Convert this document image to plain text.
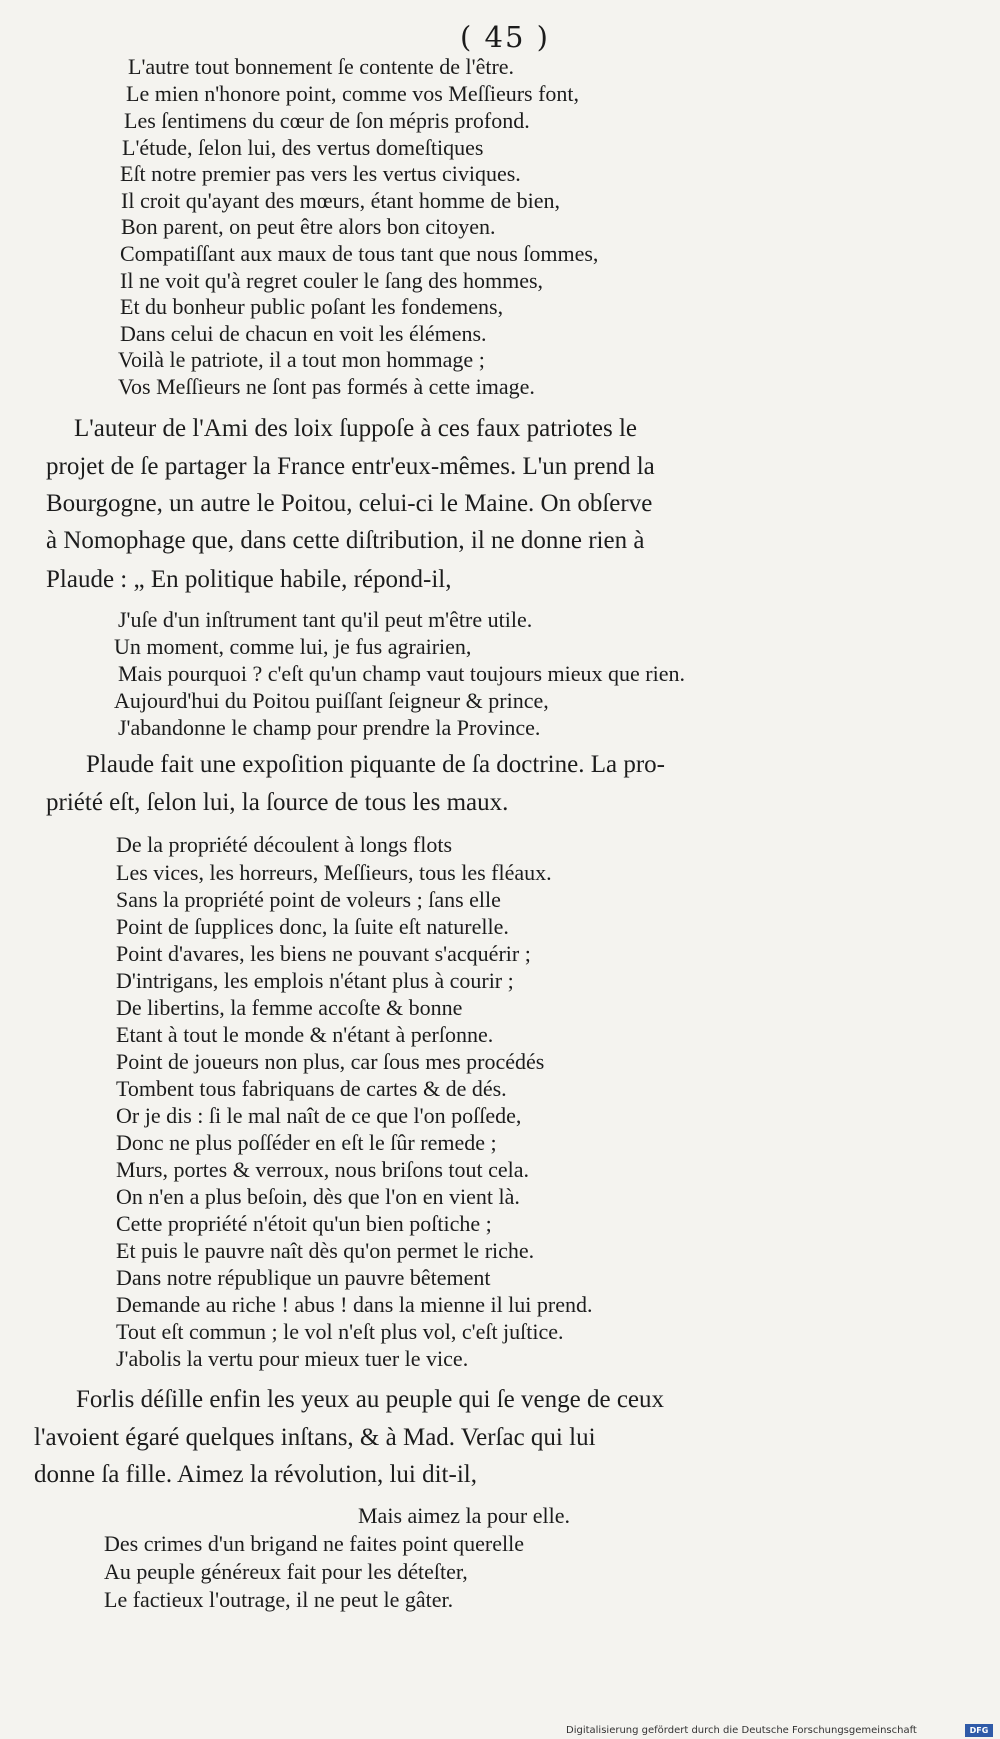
( 45 )
L'autre tout bonnement ſe contente de l'être.
Le mien n'honore point, comme vos Meſſieurs font,
Les ſentimens du cœur de ſon mépris profond.
L'étude, ſelon lui, des vertus domeſtiques
Eſt notre premier pas vers les vertus civiques.
Il croit qu'ayant des mœurs, étant homme de bien,
Bon parent, on peut être alors bon citoyen.
Compatiſſant aux maux de tous tant que nous ſommes,
Il ne voit qu'à regret couler le ſang des hommes,
Et du bonheur public poſant les fondemens,
Dans celui de chacun en voit les élémens.
Voilà le patriote, il a tout mon hommage ;
Vos Meſſieurs ne ſont pas formés à cette image.
L'auteur de l'Ami des loix ſuppoſe à ces faux patriotes le
projet de ſe partager la France entr'eux-mêmes. L'un prend la
Bourgogne, un autre le Poitou, celui-ci le Maine. On obſerve
à Nomophage que, dans cette diſtribution, il ne donne rien à
Plaude : „ En politique habile, répond-il,
J'uſe d'un inſtrument tant qu'il peut m'être utile.
Un moment, comme lui, je fus agrairien,
Mais pourquoi ? c'eſt qu'un champ vaut toujours mieux que rien.
Aujourd'hui du Poitou puiſſant ſeigneur & prince,
J'abandonne le champ pour prendre la Province.
Plaude fait une expoſition piquante de ſa doctrine. La pro-
priété eſt, ſelon lui, la ſource de tous les maux.
De la propriété découlent à longs flots
Les vices, les horreurs, Meſſieurs, tous les fléaux.
Sans la propriété point de voleurs ; ſans elle
Point de ſupplices donc, la ſuite eſt naturelle.
Point d'avares, les biens ne pouvant s'acquérir ;
D'intrigans, les emplois n'étant plus à courir ;
De libertins, la femme accoſte & bonne
Etant à tout le monde & n'étant à perſonne.
Point de joueurs non plus, car ſous mes procédés
Tombent tous fabriquans de cartes & de dés.
Or je dis : ſi le mal naît de ce que l'on poſſede,
Donc ne plus poſſéder en eſt le ſûr remede ;
Murs, portes & verroux, nous briſons tout cela.
On n'en a plus beſoin, dès que l'on en vient là.
Cette propriété n'étoit qu'un bien poſtiche ;
Et puis le pauvre naît dès qu'on permet le riche.
Dans notre république un pauvre bêtement
Demande au riche ! abus ! dans la mienne il lui prend.
Tout eſt commun ; le vol n'eſt plus vol, c'eſt juſtice.
J'abolis la vertu pour mieux tuer le vice.
Forlis déſille enfin les yeux au peuple qui ſe venge de ceux
l'avoient égaré quelques inſtans, & à Mad. Verſac qui lui
donne ſa fille. Aimez la révolution, lui dit-il,
Mais aimez la pour elle.
Des crimes d'un brigand ne faites point querelle
Au peuple généreux fait pour les déteſter,
Le factieux l'outrage, il ne peut le gâter.
Digitalisierung gefördert durch die Deutsche Forschungsgemeinschaft	DFG
